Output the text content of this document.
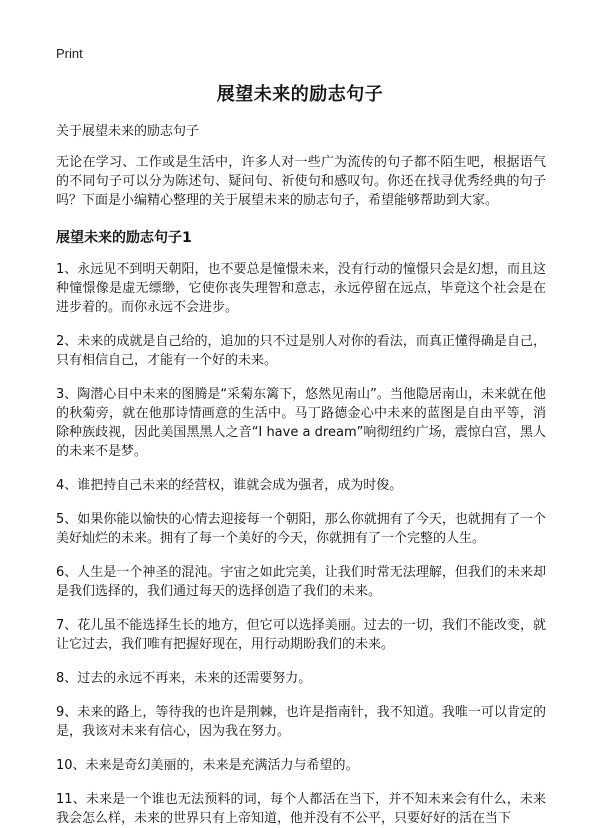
Print
展望未来的励志句子

关于展望未来的励志句子

无论在学习、工作或是生活中，许多人对一些广为流传的句子都不陌生吧，根据语气的不同句子可以分为陈述句、疑问句、祈使句和感叹句。你还在找寻优秀经典的句子吗？下面是小编精心整理的关于展望未来的励志句子，希望能够帮助到大家。

展望未来的励志句子1

1、永远见不到明天朝阳，也不要总是憧憬未来，没有行动的憧憬只会是幻想，而且这种憧憬像是虚无缥缈，它使你丧失理智和意志，永远停留在远点，毕竟这个社会是在进步着的。而你永远不会进步。

2、未来的成就是自己给的，追加的只不过是别人对你的看法，而真正懂得确是自己，只有相信自己，才能有一个好的未来。

3、陶潜心目中未来的图腾是“采菊东篱下，悠然见南山”。当他隐居南山，未来就在他的秋菊旁，就在他那诗情画意的生活中。马丁路德金心中未来的蓝图是自由平等，消除种族歧视，因此美国黑黑人之音“I have a dream”响彻纽约广场，震惊白宫，黑人的未来不是梦。

4、谁把持自己未来的经营权，谁就会成为强者，成为时俊。

5、如果你能以愉快的心情去迎接每一个朝阳，那么你就拥有了今天，也就拥有了一个美好灿烂的未来。拥有了每一个美好的今天，你就拥有了一个完整的人生。

6、人生是一个神圣的混沌。宇宙之如此完美，让我们时常无法理解，但我们的未来却是我们选择的，我们通过每天的选择创造了我们的未来。

7、花儿虽不能选择生长的地方，但它可以选择美丽。过去的一切，我们不能改变，就让它过去，我们唯有把握好现在，用行动期盼我们的未来。

8、过去的永远不再来，未来的还需要努力。

9、未来的路上，等待我的也许是荆棘，也许是指南针，我不知道。我唯一可以肯定的是，我该对未来有信心，因为我在努力。

10、未来是奇幻美丽的，未来是充满活力与希望的。

11、未来是一个谁也无法预料的词，每个人都活在当下，并不知未来会有什么，未来我会怎么样，未来的世界只有上帝知道，他并没有不公平，只要好好的活在当下
